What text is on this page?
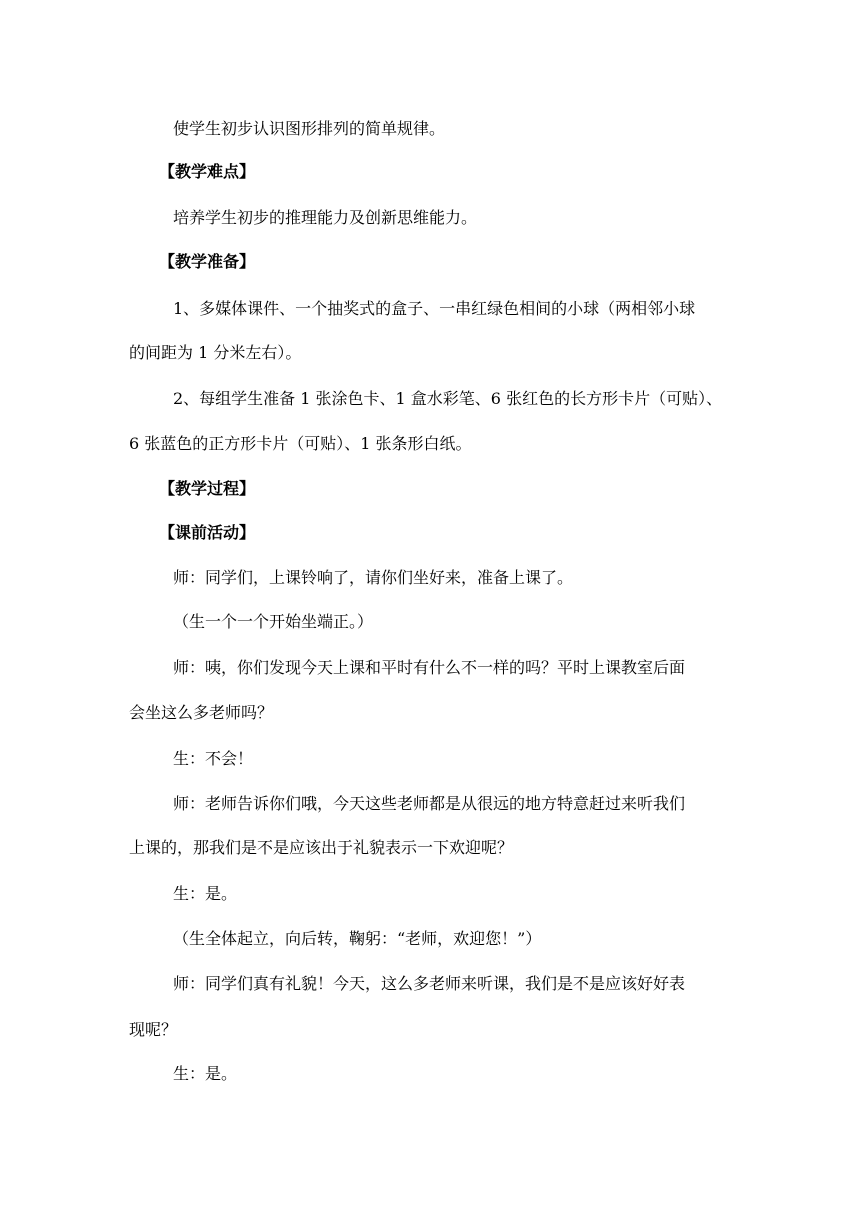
使学生初步认识图形排列的简单规律。
【教学难点】
培养学生初步的推理能力及创新思维能力。
【教学准备】
1、多媒体课件、一个抽奖式的盒子、一串红绿色相间的小球（两相邻小球
的间距为 1 分米左右）。
2、每组学生准备 1 张涂色卡、1 盒水彩笔、6 张红色的长方形卡片（可贴）、
6 张蓝色的正方形卡片（可贴）、1 张条形白纸。
【教学过程】
【课前活动】
师：同学们，上课铃响了，请你们坐好来，准备上课了。
（生一个一个开始坐端正。）
师：咦，你们发现今天上课和平时有什么不一样的吗？平时上课教室后面
会坐这么多老师吗？
生：不会！
师：老师告诉你们哦，今天这些老师都是从很远的地方特意赶过来听我们
上课的，那我们是不是应该出于礼貌表示一下欢迎呢？
生：是。
（生全体起立，向后转，鞠躬：“老师，欢迎您！”）
师：同学们真有礼貌！今天，这么多老师来听课，我们是不是应该好好表
现呢？
生：是。
